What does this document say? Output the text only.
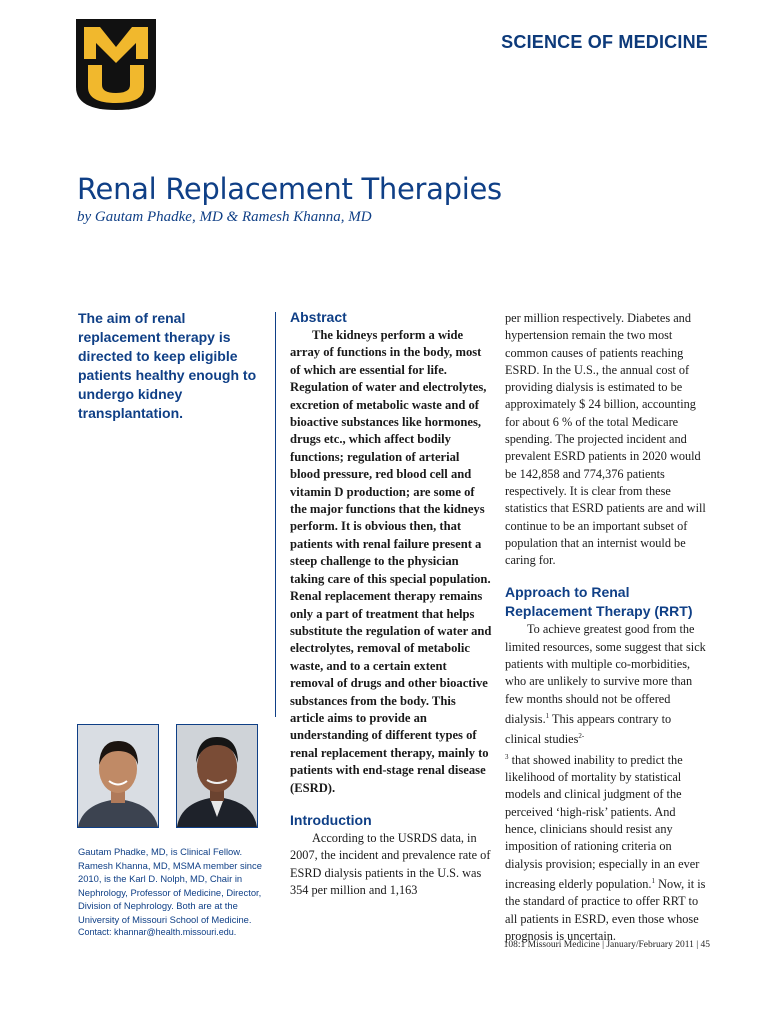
SCIENCE OF MEDICINE
Renal Replacement Therapies
by Gautam Phadke, MD & Ramesh Khanna, MD
The aim of renal replacement therapy is directed to keep eligible patients healthy enough to undergo kidney transplantation.
Gautam Phadke, MD, is Clinical Fellow. Ramesh Khanna, MD, MSMA member since 2010, is the Karl D. Nolph, MD, Chair in Nephrology, Professor of Medicine, Director, Division of Nephrology. Both are at the University of Missouri School of Medicine.
Contact: khannar@health.missouri.edu.
Abstract

The kidneys perform a wide array of functions in the body, most of which are essential for life. Regulation of water and electrolytes, excretion of metabolic waste and of bioactive substances like hormones, drugs etc., which affect bodily functions; regulation of arterial blood pressure, red blood cell and vitamin D production; are some of the major functions that the kidneys perform. It is obvious then, that patients with renal failure present a steep challenge to the physician taking care of this special population. Renal replacement therapy remains only a part of treatment that helps substitute the regulation of water and electrolytes, removal of metabolic waste, and to a certain extent removal of drugs and other bioactive substances from the body. This article aims to provide an understanding of different types of renal replacement therapy, mainly to patients with end-stage renal disease (ESRD).

Introduction

According to the USRDS data, in 2007, the incident and prevalence rate of ESRD dialysis patients in the U.S. was 354 per million and 1,163

per million respectively. Diabetes and hypertension remain the two most common causes of patients reaching ESRD. In the U.S., the annual cost of providing dialysis is estimated to be approximately $ 24 billion, accounting for about 6 % of the total Medicare spending. The projected incident and prevalent ESRD patients in 2020 would be 142,858 and 774,376 patients respectively. It is clear from these statistics that ESRD patients are and will continue to be an important subset of population that an internist would be caring for.

Approach to Renal Replacement Therapy (RRT)

To achieve greatest good from the limited resources, some suggest that sick patients with multiple co-morbidities, who are unlikely to survive more than few months should not be offered dialysis.$^1$ This appears contrary to clinical studies$^{2-}$
$^3$ that showed inability to predict the likelihood of mortality by statistical models and clinical judgment of the perceived ‘high-risk’ patients. And hence, clinicians should resist any imposition of rationing criteria on dialysis provision; especially in an ever increasing elderly population.$^1$ Now, it is the standard of practice to offer RRT to all patients in ESRD, even those whose prognosis is uncertain.

108:1 Missouri Medicine | January/February 2011 | 45
